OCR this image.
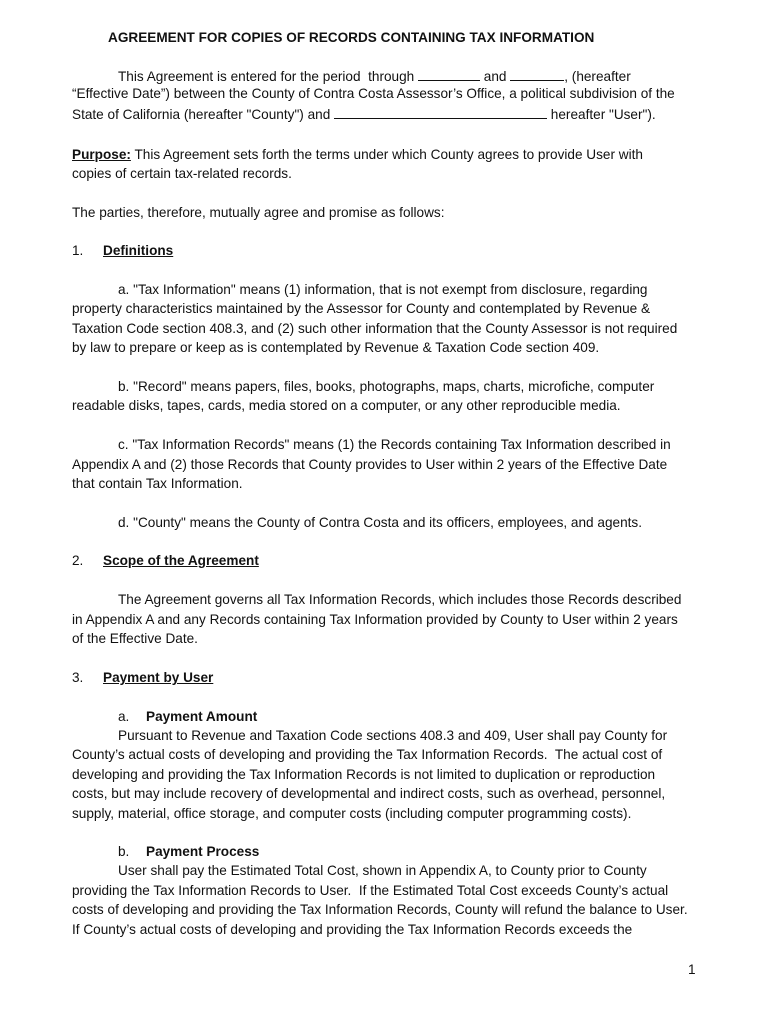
AGREEMENT FOR COPIES OF RECORDS CONTAINING TAX INFORMATION
This Agreement is entered for the period  through	and	, (hereafter
“Effective Date”) between the County of Contra Costa Assessor’s Office, a political subdivision of the
State of California (hereafter "County") and	hereafter "User").
Purpose: This Agreement sets forth the terms under which County agrees to provide User with
copies of certain tax-related records.
The parties, therefore, mutually agree and promise as follows:
1. Definitions
a. "Tax Information" means (1) information, that is not exempt from disclosure, regarding
property characteristics maintained by the Assessor for County and contemplated by Revenue &
Taxation Code section 408.3, and (2) such other information that the County Assessor is not required
by law to prepare or keep as is contemplated by Revenue & Taxation Code section 409.
b. "Record" means papers, files, books, photographs, maps, charts, microfiche, computer
readable disks, tapes, cards, media stored on a computer, or any other reproducible media.
c. "Tax Information Records" means (1) the Records containing Tax Information described in
Appendix A and (2) those Records that County provides to User within 2 years of the Effective Date
that contain Tax Information.
d. "County" means the County of Contra Costa and its officers, employees, and agents.
2. Scope of the Agreement
The Agreement governs all Tax Information Records, which includes those Records described
in Appendix A and any Records containing Tax Information provided by County to User within 2 years
of the Effective Date.
3. Payment by User
a. Payment Amount
Pursuant to Revenue and Taxation Code sections 408.3 and 409, User shall pay County for
County’s actual costs of developing and providing the Tax Information Records.  The actual cost of
developing and providing the Tax Information Records is not limited to duplication or reproduction
costs, but may include recovery of developmental and indirect costs, such as overhead, personnel,
supply, material, office storage, and computer costs (including computer programming costs).
b. Payment Process
User shall pay the Estimated Total Cost, shown in Appendix A, to County prior to County
providing the Tax Information Records to User.  If the Estimated Total Cost exceeds County’s actual
costs of developing and providing the Tax Information Records, County will refund the balance to User.
If County’s actual costs of developing and providing the Tax Information Records exceeds the
1
